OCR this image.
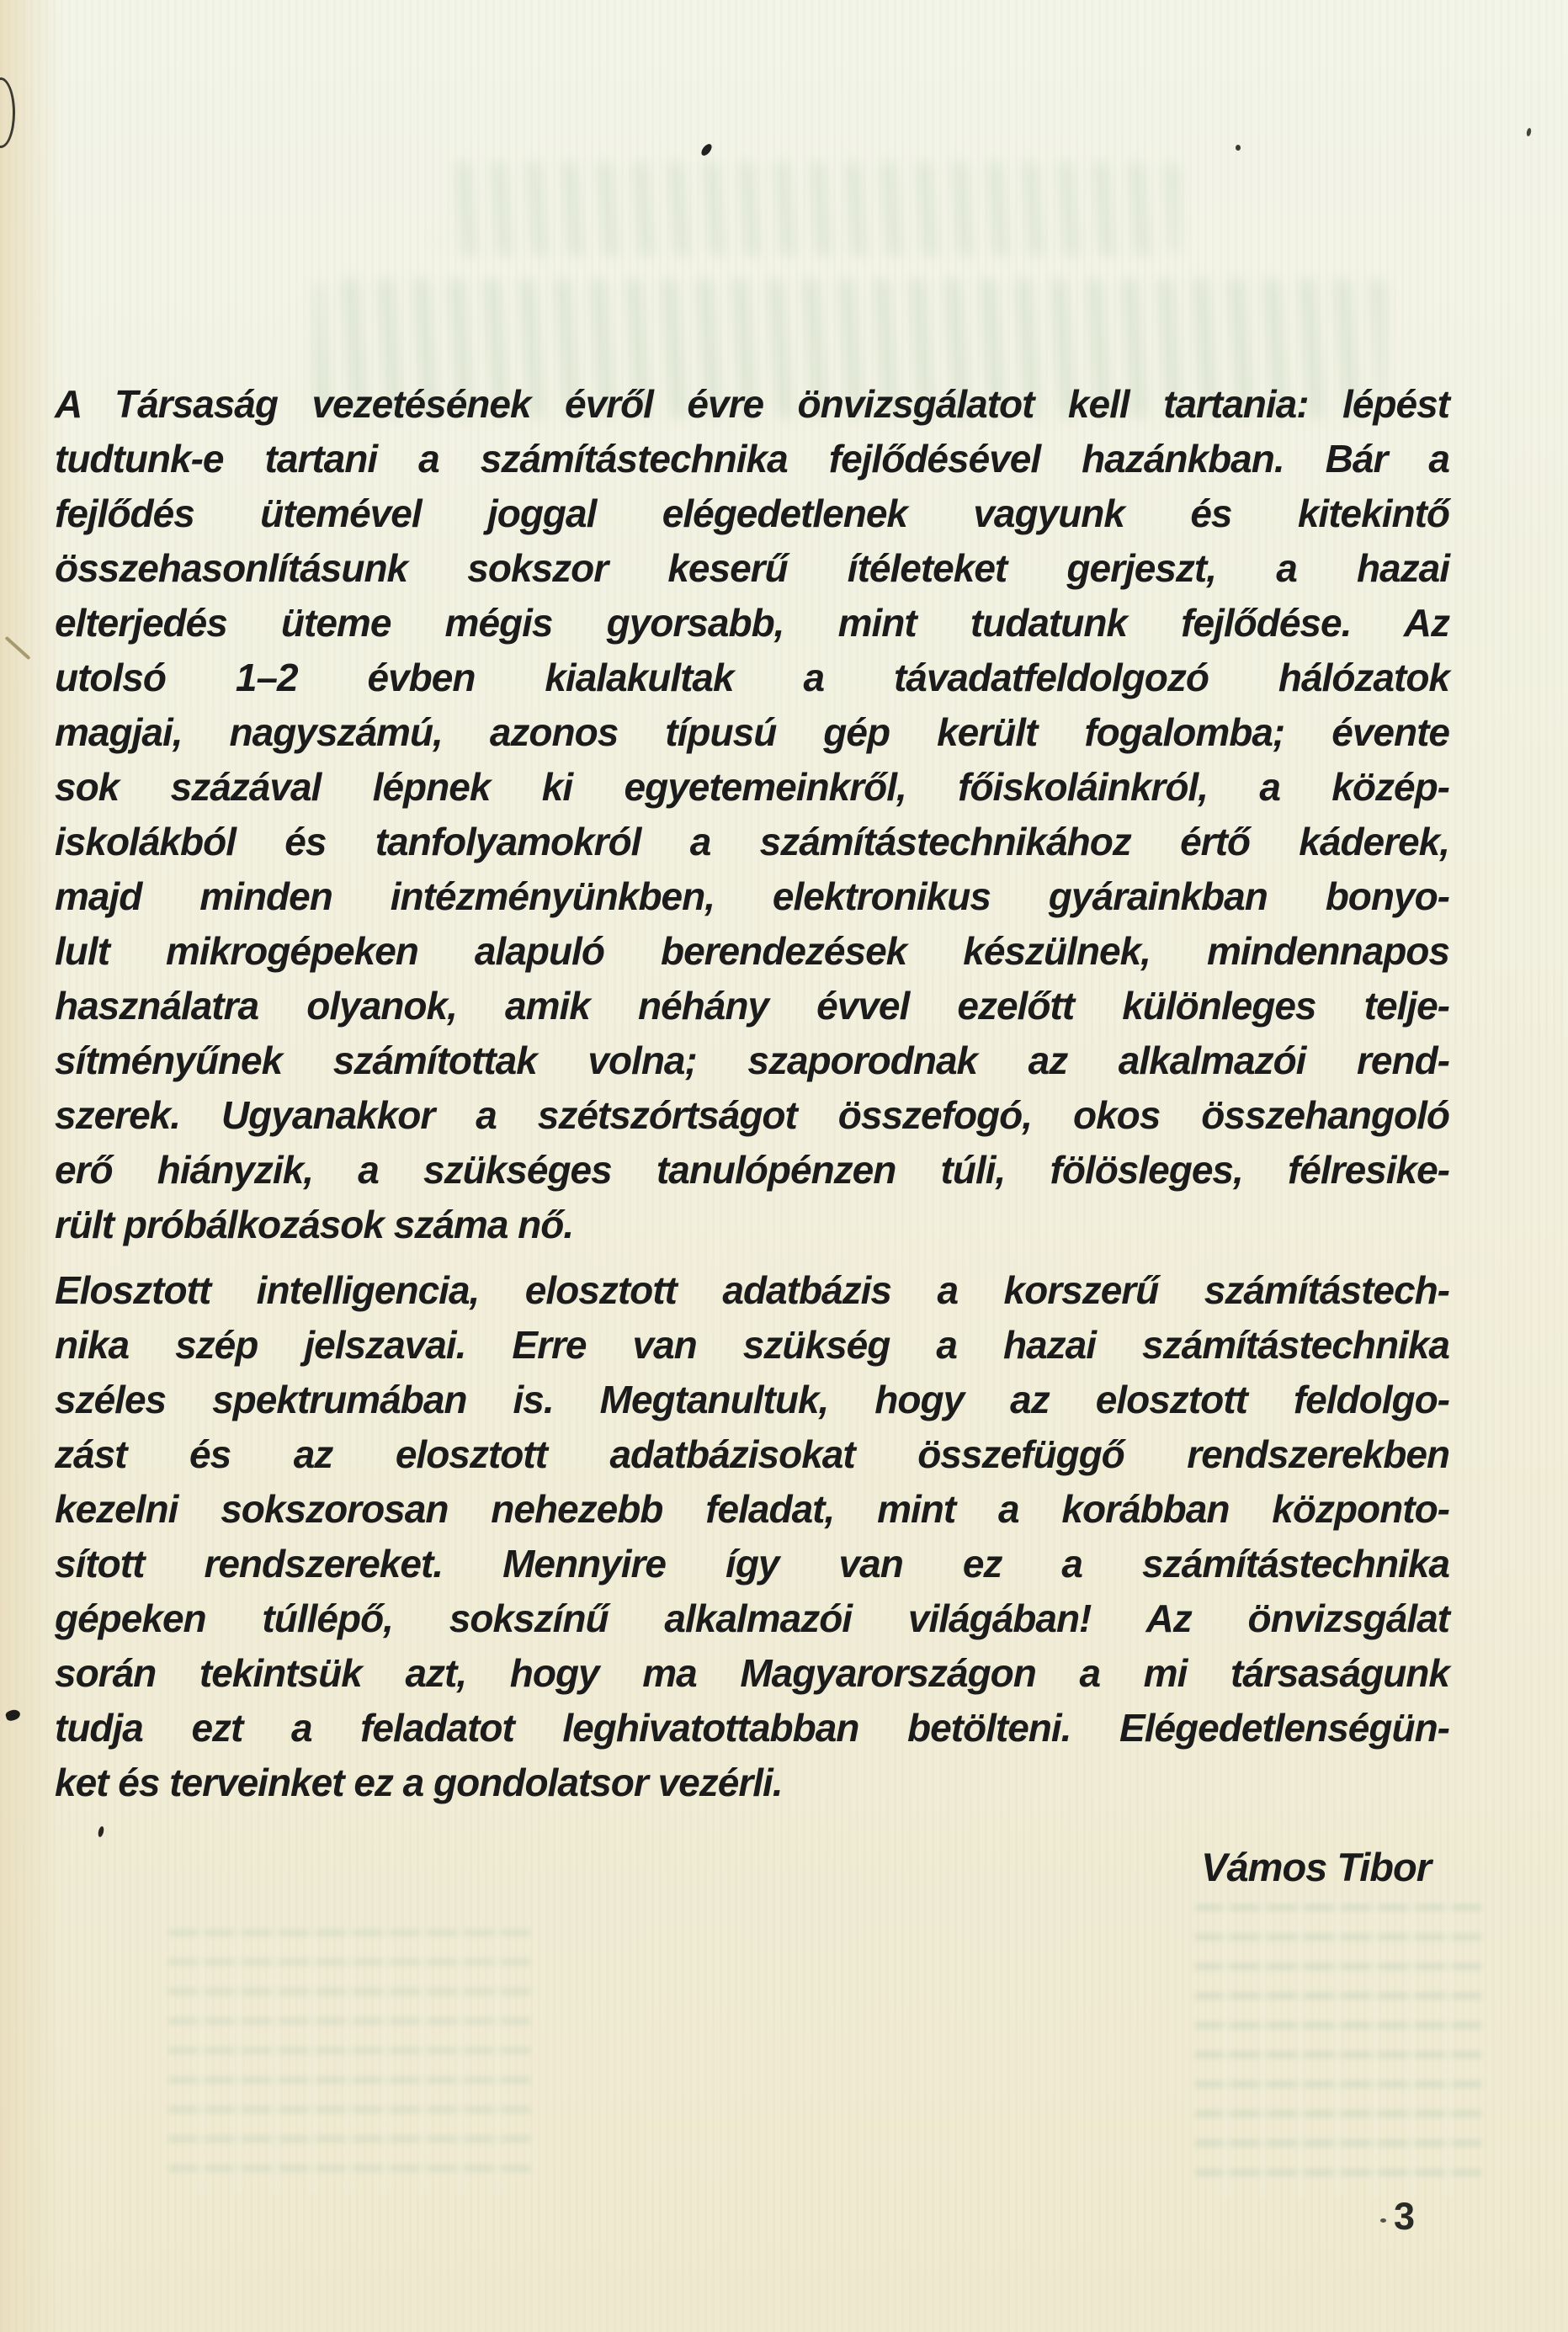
A Társaság vezetésének évről évre önvizsgálatot kell tartania: lépést
tudtunk-e tartani a számítástechnika fejlődésével hazánkban. Bár a
fejlődés ütemével joggal elégedetlenek vagyunk és kitekintő
összehasonlításunk sokszor keserű ítéleteket gerjeszt, a hazai
elterjedés üteme mégis gyorsabb, mint tudatunk fejlődése. Az
utolsó 1–2 évben kialakultak a távadatfeldolgozó hálózatok
magjai, nagyszámú, azonos típusú gép került fogalomba; évente
sok százával lépnek ki egyetemeinkről, főiskoláinkról, a közép-
iskolákból és tanfolyamokról a számítástechnikához értő káderek,
majd minden intézményünkben, elektronikus gyárainkban bonyo-
lult mikrogépeken alapuló berendezések készülnek, mindennapos
használatra olyanok, amik néhány évvel ezelőtt különleges telje-
sítményűnek számítottak volna; szaporodnak az alkalmazói rend-
szerek. Ugyanakkor a szétszórtságot összefogó, okos összehangoló
erő hiányzik, a szükséges tanulópénzen túli, fölösleges, félresike-
rült próbálkozások száma nő.
Elosztott intelligencia, elosztott adatbázis a korszerű számítástech-
nika szép jelszavai. Erre van szükség a hazai számítástechnika
széles spektrumában is. Megtanultuk, hogy az elosztott feldolgo-
zást és az elosztott adatbázisokat összefüggő rendszerekben
kezelni sokszorosan nehezebb feladat, mint a korábban központo-
sított rendszereket. Mennyire így van ez a számítástechnika
gépeken túllépő, sokszínű alkalmazói világában! Az önvizsgálat
során tekintsük azt, hogy ma Magyarországon a mi társaságunk
tudja ezt a feladatot leghivatottabban betölteni. Elégedetlenségün-
ket és terveinket ez a gondolatsor vezérli.
Vámos Tibor
3
